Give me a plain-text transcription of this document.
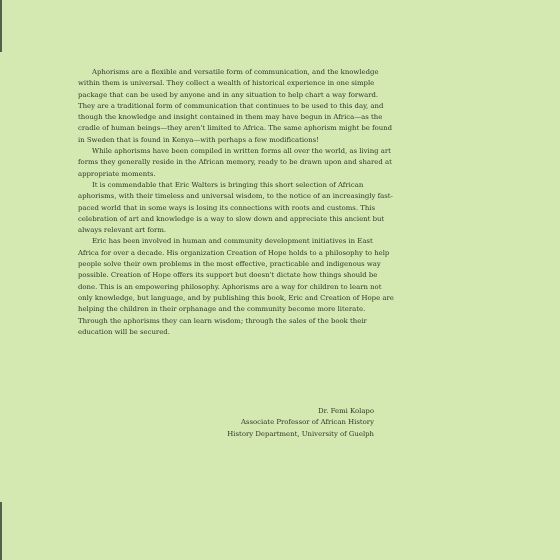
Aphorisms are a flexible and versatile form of communication, and the knowledge within them is universal. They collect a wealth of historical experience in one simple package that can be used by anyone and in any situation to help chart a way forward. They are a traditional form of communication that continues to be used to this day, and though the knowledge and insight contained in them may have begun in Africa—as the cradle of human beings—they aren't limited to Africa. The same aphorism might be found in Sweden that is found in Kenya—with perhaps a few modifications!

While aphorisms have been compiled in written forms all over the world, as living art forms they generally reside in the African memory, ready to be drawn upon and shared at appropriate moments.

It is commendable that Eric Walters is bringing this short selection of African aphorisms, with their timeless and universal wisdom, to the notice of an increasingly fast-paced world that in some ways is losing its connections with roots and customs. This celebration of art and knowledge is a way to slow down and appreciate this ancient but always relevant art form.

Eric has been involved in human and community development initiatives in East Africa for over a decade. His organization Creation of Hope holds to a philosophy to help people solve their own problems in the most effective, practicable and indigenous way possible. Creation of Hope offers its support but doesn't dictate how things should be done. This is an empowering philosophy. Aphorisms are a way for children to learn not only knowledge, but language, and by publishing this book, Eric and Creation of Hope are helping the children in their orphanage and the community become more literate. Through the aphorisms they can learn wisdom; through the sales of the book their education will be secured.

Dr. Femi Kolapo
Associate Professor of African History
History Department, University of Guelph
